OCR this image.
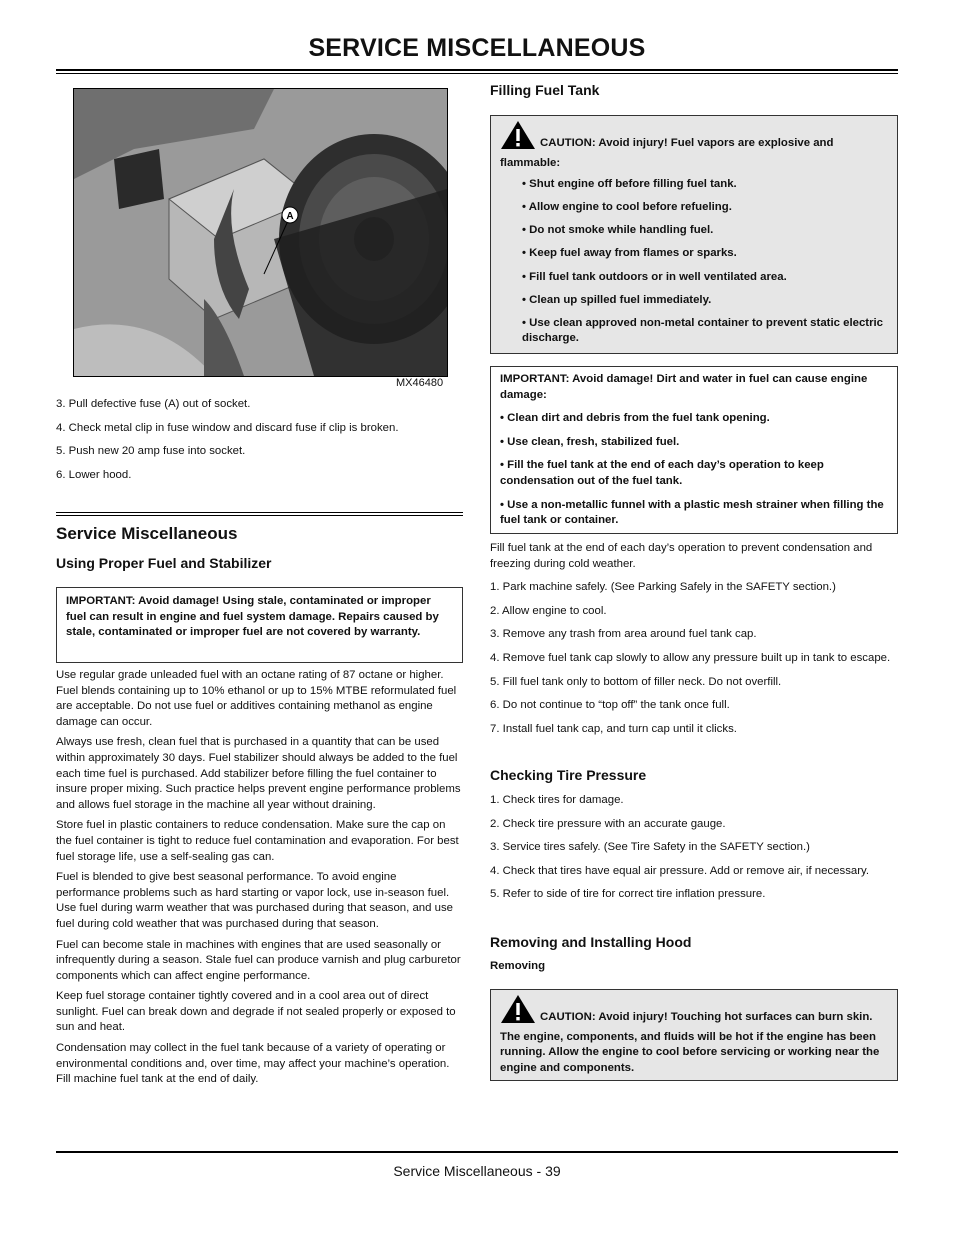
SERVICE MISCELLANEOUS
A
MX46480

3. Pull defective fuse (A) out of socket.

4. Check metal clip in fuse window and discard fuse if clip is broken.

5. Push new 20 amp fuse into socket.

6. Lower hood.

Service Miscellaneous
Using Proper Fuel and Stabilizer

IMPORTANT: Avoid damage! Using stale, contaminated or improper fuel can result in engine and fuel system damage. Repairs caused by stale, contaminated or improper fuel are not covered by warranty.

Use regular grade unleaded fuel with an octane rating of 87 octane or higher. Fuel blends containing up to 10% ethanol or up to 15% MTBE reformulated fuel are acceptable. Do not use fuel or additives containing methanol as engine damage can occur.

Always use fresh, clean fuel that is purchased in a quantity that can be used within approximately 30 days. Fuel stabilizer should always be added to the fuel each time fuel is purchased. Add stabilizer before filling the fuel container to insure proper mixing. Such practice helps prevent engine performance problems and allows fuel storage in the machine all year without draining.

Store fuel in plastic containers to reduce condensation. Make sure the cap on the fuel container is tight to reduce fuel contamination and evaporation. For best fuel storage life, use a self-sealing gas can.

Fuel is blended to give best seasonal performance. To avoid engine performance problems such as hard starting or vapor lock, use in-season fuel. Use fuel during warm weather that was purchased during that season, and use fuel during cold weather that was purchased during that season.

Fuel can become stale in machines with engines that are used seasonally or infrequently during a season. Stale fuel can produce varnish and plug carburetor components which can affect engine performance.

Keep fuel storage container tightly covered and in a cool area out of direct sunlight. Fuel can break down and degrade if not sealed properly or exposed to sun and heat.

Condensation may collect in the fuel tank because of a variety of operating or environmental conditions and, over time, may affect your machine’s operation. Fill machine fuel tank at the end of daily.

Filling Fuel Tank

CAUTION: Avoid injury! Fuel vapors are explosive and flammable:

• Shut engine off before filling fuel tank.

• Allow engine to cool before refueling.

• Do not smoke while handling fuel.

• Keep fuel away from flames or sparks.

• Fill fuel tank outdoors or in well ventilated area.

• Clean up spilled fuel immediately.

• Use clean approved non-metal container to prevent static electric discharge.

IMPORTANT: Avoid damage! Dirt and water in fuel can cause engine damage:

• Clean dirt and debris from the fuel tank opening.

• Use clean, fresh, stabilized fuel.

• Fill the fuel tank at the end of each day’s operation to keep condensation out of the fuel tank.

• Use a non-metallic funnel with a plastic mesh strainer when filling the fuel tank or container.

Fill fuel tank at the end of each day’s operation to prevent condensation and freezing during cold weather.

1. Park machine safely. (See Parking Safely in the SAFETY section.)

2. Allow engine to cool.

3. Remove any trash from area around fuel tank cap.

4. Remove fuel tank cap slowly to allow any pressure built up in tank to escape.

5. Fill fuel tank only to bottom of filler neck. Do not overfill.

6. Do not continue to “top off” the tank once full.

7. Install fuel tank cap, and turn cap until it clicks.

Checking Tire Pressure

1. Check tires for damage.

2. Check tire pressure with an accurate gauge.

3. Service tires safely. (See Tire Safety in the SAFETY section.)

4. Check that tires have equal air pressure. Add or remove air, if necessary.

5. Refer to side of tire for correct tire inflation pressure.

Removing and Installing Hood
Removing

CAUTION: Avoid injury! Touching hot surfaces can burn skin. The engine, components, and fluids will be hot if the engine has been running. Allow the engine to cool before servicing or working near the engine and components.

Service Miscellaneous - 39
